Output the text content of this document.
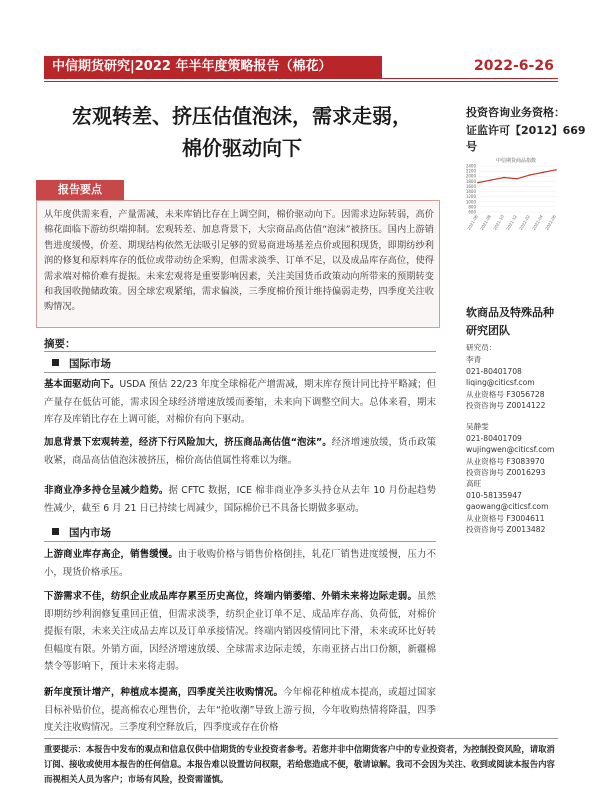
中信期货研究|2022 年半年度策略报告（棉花）	2022-6-26
宏观转差、挤压估值泡沫，需求走弱，
棉价驱动向下
投资咨询业务资格：
证监许可【2012】669 号
中信期货商品指数
2400
2200
2000
1800
1600
1400
1200
1000
800
600
2021-06 2021-08 2021-10 2021-12 2022-02 2022-04 2022-06
报告要点
从年度供需来看，产量需减，未来库销比存在上调空间，棉价驱动向下。因需求边际转弱，高价棉花面临下游纺织端抑制。宏观转差、加息背景下，大宗商品高估值“泡沫”被挤压。国内上游销售进度缓慢，价差、期现结构依然无法吸引足够的贸易商进场基差点价或囤积现货，即期纺纱利润的修复和原料库存的低位或带动纺企采购，但需求淡季、订单不足，以及成品库存高位，使得需求端对棉价难有提振。未来宏观将是重要影响因素，关注美国货币政策动向所带来的预期转变和我国收抛储政策。因全球宏观紧缩，需求偏淡，三季度棉价预计维持偏弱走势，四季度关注收购情况。
摘要：
国际市场
基本面驱动向下。USDA 预估 22/23 年度全球棉花产增需减，期末库存预计同比持平略减；但产量存在低估可能，需求因全球经济增速放缓而萎缩，未来向下调整空间大。总体来看，期末库存及库销比存在上调可能，对棉价有向下驱动。
加息背景下宏观转差，经济下行风险加大，挤压商品高估值“泡沫”。经济增速放缓，货币政策收紧，商品高估值泡沫被挤压，棉价高估值属性将难以为继。
非商业净多持仓呈减少趋势。据 CFTC 数据，ICE 棉非商业净多头持仓从去年 10 月份起趋势性减少，截至 6 月 21 日已持续七周减少，国际棉价已不具备长期做多驱动。
国内市场
上游商业库存高企，销售缓慢。由于收购价格与销售价格倒挂，轧花厂销售进度缓慢，压力不小，现货价格承压。
下游需求不佳，纺织企业成品库存累至历史高位，终端内销萎缩、外销未来将边际走弱。虽然即期纺纱利润修复重回正值，但需求淡季，纺织企业订单不足、成品库存高、负荷低，对棉价提振有限，未来关注成品去库以及订单承接情况。终端内销因疫情同比下滑，未来或环比好转但幅度有限。外销方面，因经济增速放缓、全球需求边际走缓，东南亚挤占出口份额，新疆棉禁令等影响下，预计未来将走弱。
新年度预计增产，种植成本提高，四季度关注收购情况。今年棉花种植成本提高，或超过国家目标补贴价位，提高棉农心理售价，去年“抢收潮”导致上游亏损，今年收购热情将降温，四季度关注收购情况。三季度利空释放后，四季度或存在价格
软商品及特殊品种
研究团队
研究员：
李青
021-80401708
liqing@citicsf.com
从业资格号 F3056728
投资咨询号 Z0014122
吴静雯
021-80401709
wujingwen@citicsf.com
从业资格号 F3083970
投资咨询号 Z0016293
高旺
010-58135947
gaowang@citicsf.com
从业资格号 F3004611
投资咨询号 Z0013482
重要提示：本报告中发布的观点和信息仅供中信期货的专业投资者参考。若您并非中信期货客户中的专业投资者，为控制投资风险，请取消订阅、接收或使用本报告的任何信息。本报告难以设置访问权限，若给您造成不便，敬请谅解。我司不会因为关注、收到或阅读本报告内容而视相关人员为客户；市场有风险，投资需谨慎。
